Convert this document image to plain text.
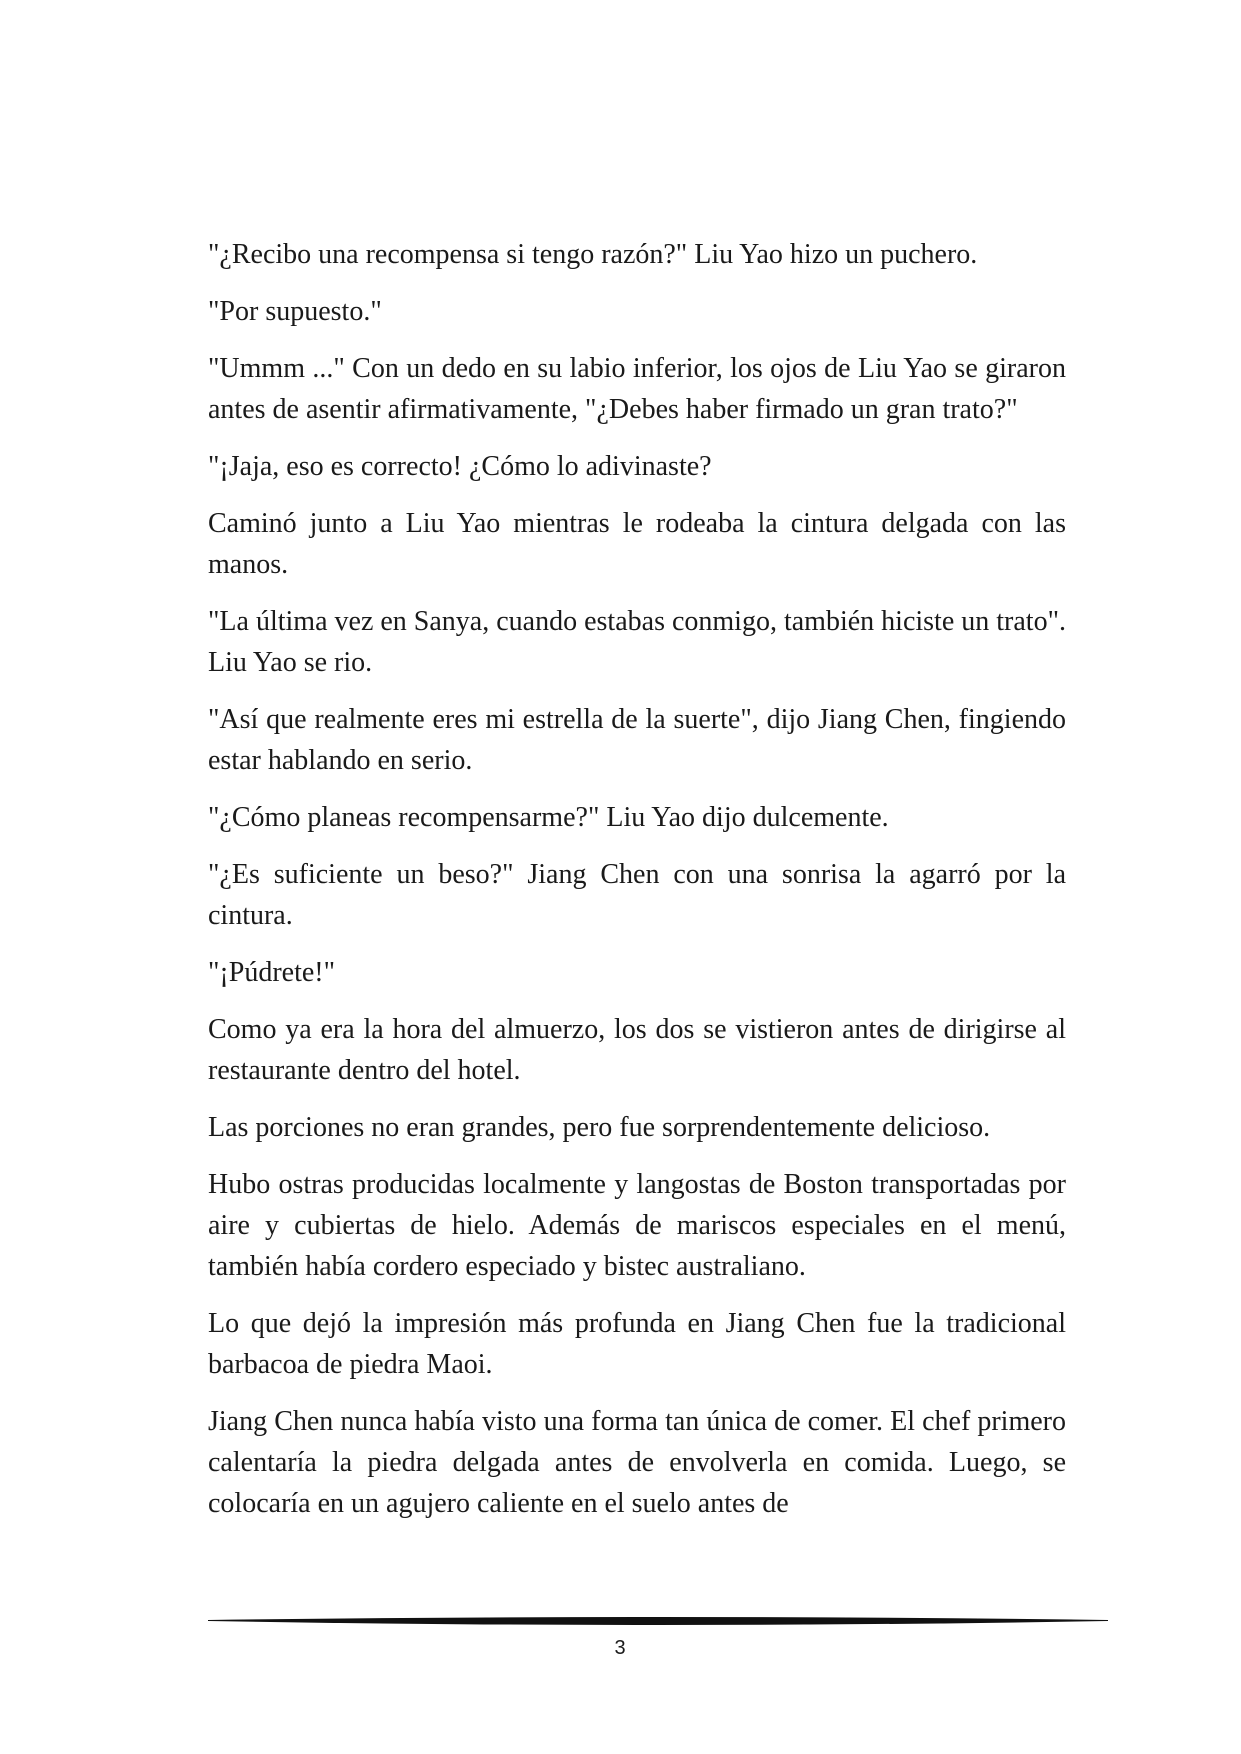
"¿Recibo una recompensa si tengo razón?" Liu Yao hizo un puchero.

"Por supuesto."

"Ummm ..." Con un dedo en su labio inferior, los ojos de Liu Yao se giraron antes de asentir afirmativamente, "¿Debes haber firmado un gran trato?"

"¡Jaja, eso es correcto! ¿Cómo lo adivinaste?

Caminó junto a Liu Yao mientras le rodeaba la cintura delgada con las manos.

"La última vez en Sanya, cuando estabas conmigo, también hiciste un trato". Liu Yao se rio.

"Así que realmente eres mi estrella de la suerte", dijo Jiang Chen, fingiendo estar hablando en serio.

"¿Cómo planeas recompensarme?" Liu Yao dijo dulcemente.

"¿Es suficiente un beso?" Jiang Chen con una sonrisa la agarró por la cintura.

"¡Púdrete!"

Como ya era la hora del almuerzo, los dos se vistieron antes de dirigirse al restaurante dentro del hotel.

Las porciones no eran grandes, pero fue sorprendentemente delicioso.

Hubo ostras producidas localmente y langostas de Boston transportadas por aire y cubiertas de hielo. Además de mariscos especiales en el menú, también había cordero especiado y bistec australiano.

Lo que dejó la impresión más profunda en Jiang Chen fue la tradicional barbacoa de piedra Maoi.

Jiang Chen nunca había visto una forma tan única de comer. El chef primero calentaría la piedra delgada antes de envolverla en comida. Luego, se colocaría en un agujero caliente en el suelo antes de

3
